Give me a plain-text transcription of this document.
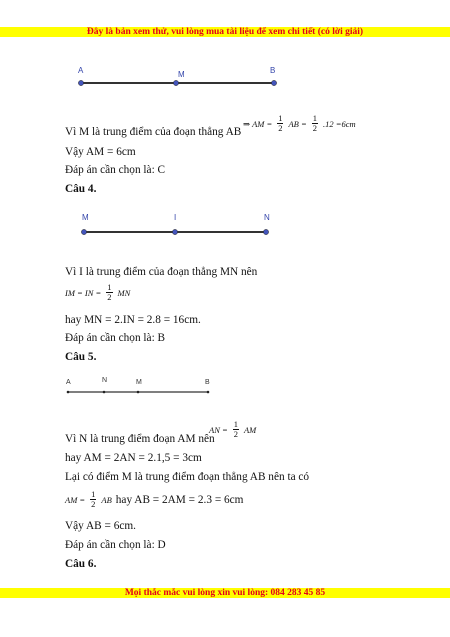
Đây là bản xem thử, vui lòng mua tài liệu để xem chi tiết (có lời giải)
A	M	B
⇒ AM = $\frac{1}{2}$ AB = $\frac{1}{2} .12 =6cm$
Vì M là trung điểm của đoạn thẳng AB
Vậy AM = 6cm
Đáp án cần chọn là: C
Câu 4.
M	I	N
Vì I là trung điểm của đoạn thẳng MN nên
IM = IN = $\frac{1}{2}$ MN
hay MN = 2.IN = 2.8 = 16cm.
Đáp án cần chọn là: B
Câu 5.
A	N	M	B
AN = $\frac{1}{2}$ AM
Vì N là trung điểm đoạn AM nên
hay AM = 2AN = 2.1,5 = 3cm
Lại có điểm M là trung điểm đoạn thẳng AB nên ta có
AM = $\frac{1}{2}$ AB hay AB = 2AM = 2.3 = 6cm
Vậy AB = 6cm.
Đáp án cần chọn là: D
Câu 6.
Mọi thắc mắc vui lòng xin vui lòng: 084 283 45 85
